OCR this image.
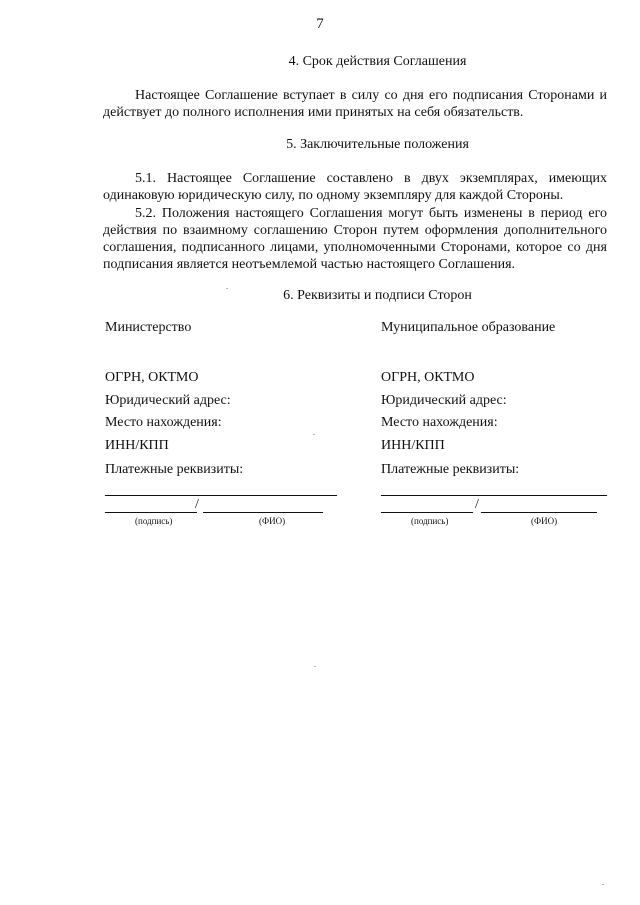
7
4. Срок действия Соглашения

Настоящее Соглашение вступает в силу со дня его подписания Сторонами и действует до полного исполнения ими принятых на себя обязательств.

5. Заключительные положения

5.1. Настоящее Соглашение составлено в двух экземплярах, имеющих одинаковую юридическую силу, по одному экземпляру для каждой Стороны.

5.2. Положения настоящего Соглашения могут быть изменены в период его действия по взаимному соглашению Сторон путем оформления дополнительного соглашения, подписанного лицами, уполномоченными Сторонами, которое со дня подписания является неотъемлемой частью настоящего Соглашения.

6. Реквизиты и подписи Сторон
Министерство
ОГРН, ОКТМО
Юридический адрес:
Место нахождения:
ИНН/КПП
Платежные реквизиты:
/
(подпись)	(ФИО)
Муниципальное образование
ОГРН, ОКТМО
Юридический адрес:
Место нахождения:
ИНН/КПП
Платежные реквизиты:
/
(подпись)	(ФИО)
.
.
.
.
